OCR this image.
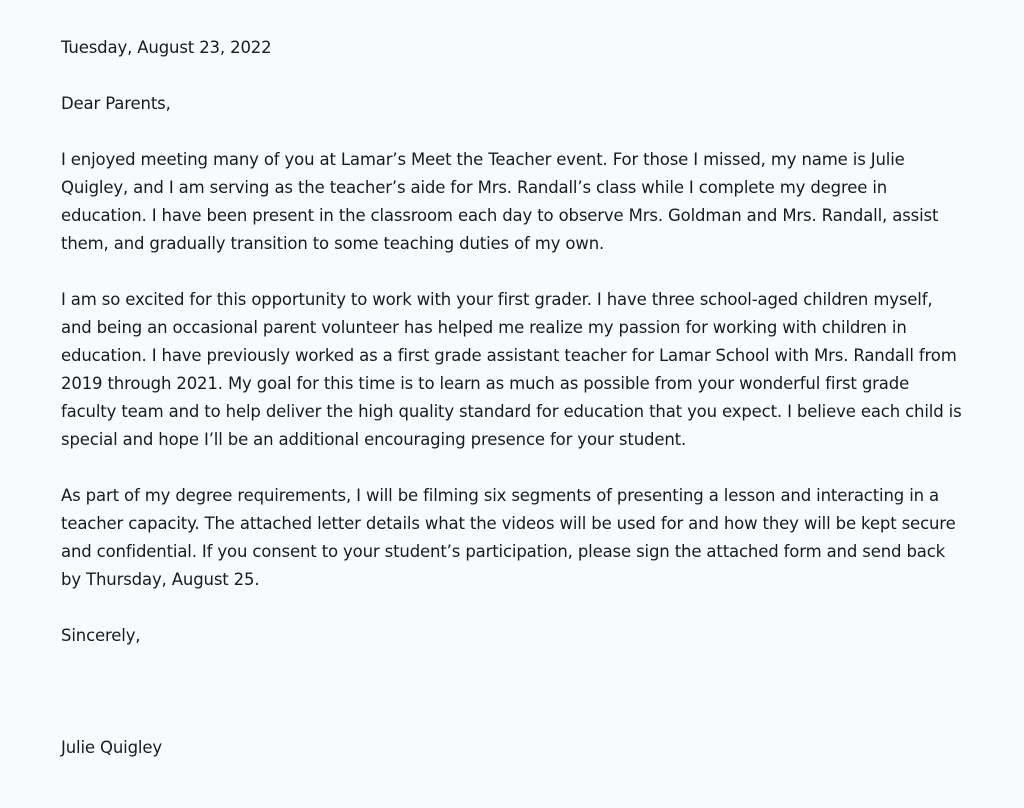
Tuesday, August 23, 2022

Dear Parents,

I enjoyed meeting many of you at Lamar’s Meet the Teacher event. For those I missed, my name is Julie Quigley, and I am serving as the teacher’s aide for Mrs. Randall’s class while I complete my degree in education. I have been present in the classroom each day to observe Mrs. Goldman and Mrs. Randall, assist them, and gradually transition to some teaching duties of my own.

I am so excited for this opportunity to work with your first grader. I have three school-aged children myself, and being an occasional parent volunteer has helped me realize my passion for working with children in education. I have previously worked as a first grade assistant teacher for Lamar School with Mrs. Randall from 2019 through 2021. My goal for this time is to learn as much as possible from your wonderful first grade faculty team and to help deliver the high quality standard for education that you expect. I believe each child is special and hope I’ll be an additional encouraging presence for your student.

As part of my degree requirements, I will be filming six segments of presenting a lesson and interacting in a teacher capacity. The attached letter details what the videos will be used for and how they will be kept secure and confidential. If you consent to your student’s participation, please sign the attached form and send back by Thursday, August 25.

Sincerely,

Julie Quigley
